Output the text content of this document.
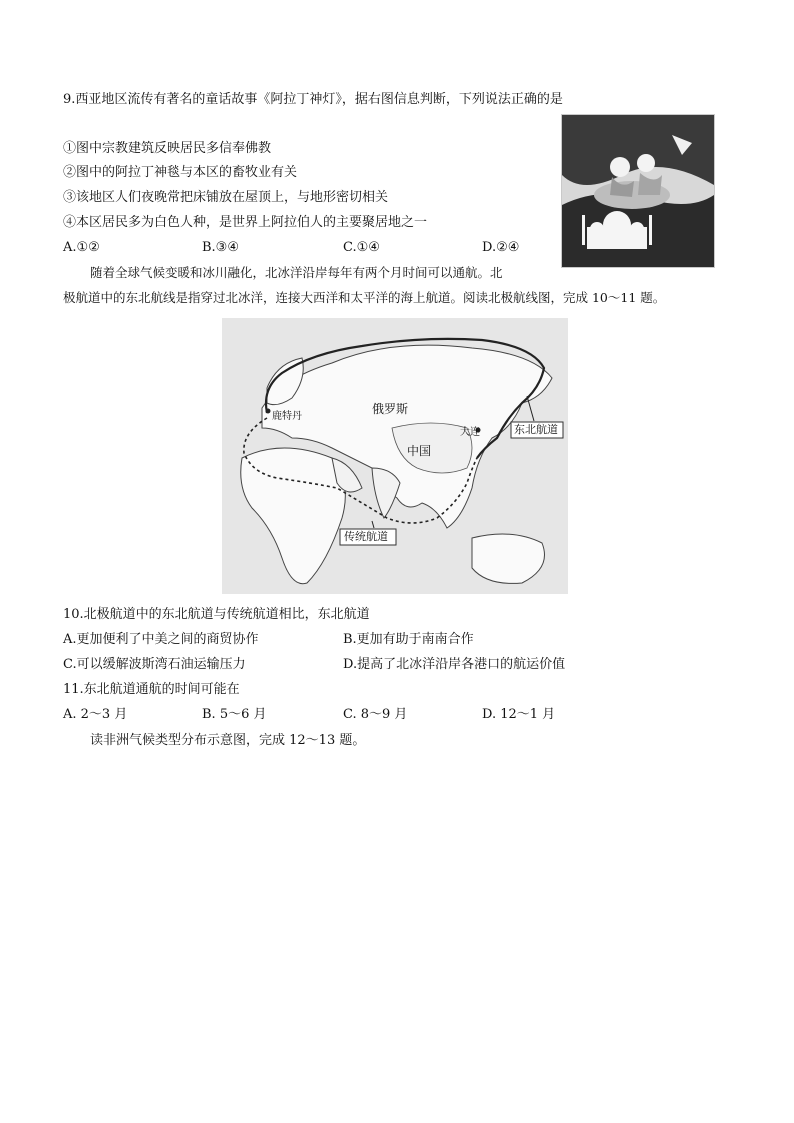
9.西亚地区流传有著名的童话故事《阿拉丁神灯》，据右图信息判断，下列说法正确的是
①图中宗教建筑反映居民多信奉佛教
②图中的阿拉丁神毯与本区的畜牧业有关
③该地区人们夜晚常把床铺放在屋顶上，与地形密切相关
④本区居民多为白色人种，是世界上阿拉伯人的主要聚居地之一
A.①②	B.③④	C.①④	D.②④
随着全球气候变暖和冰川融化，北冰洋沿岸每年有两个月时间可以通航。北
极航道中的东北航线是指穿过北冰洋，连接大西洋和太平洋的海上航道。阅读北极航线图，完成 10～11 题。
俄罗斯
中国
鹿特丹
大连	东北航道
传统航道
10.北极航道中的东北航道与传统航道相比，东北航道
A.更加便利了中美之间的商贸协作	B.更加有助于南南合作
C.可以缓解波斯湾石油运输压力	D.提高了北冰洋沿岸各港口的航运价值
11.东北航道通航的时间可能在
A. 2～3 月	B. 5～6 月	C. 8～9 月	D. 12～1 月
读非洲气候类型分布示意图，完成 12～13 题。
